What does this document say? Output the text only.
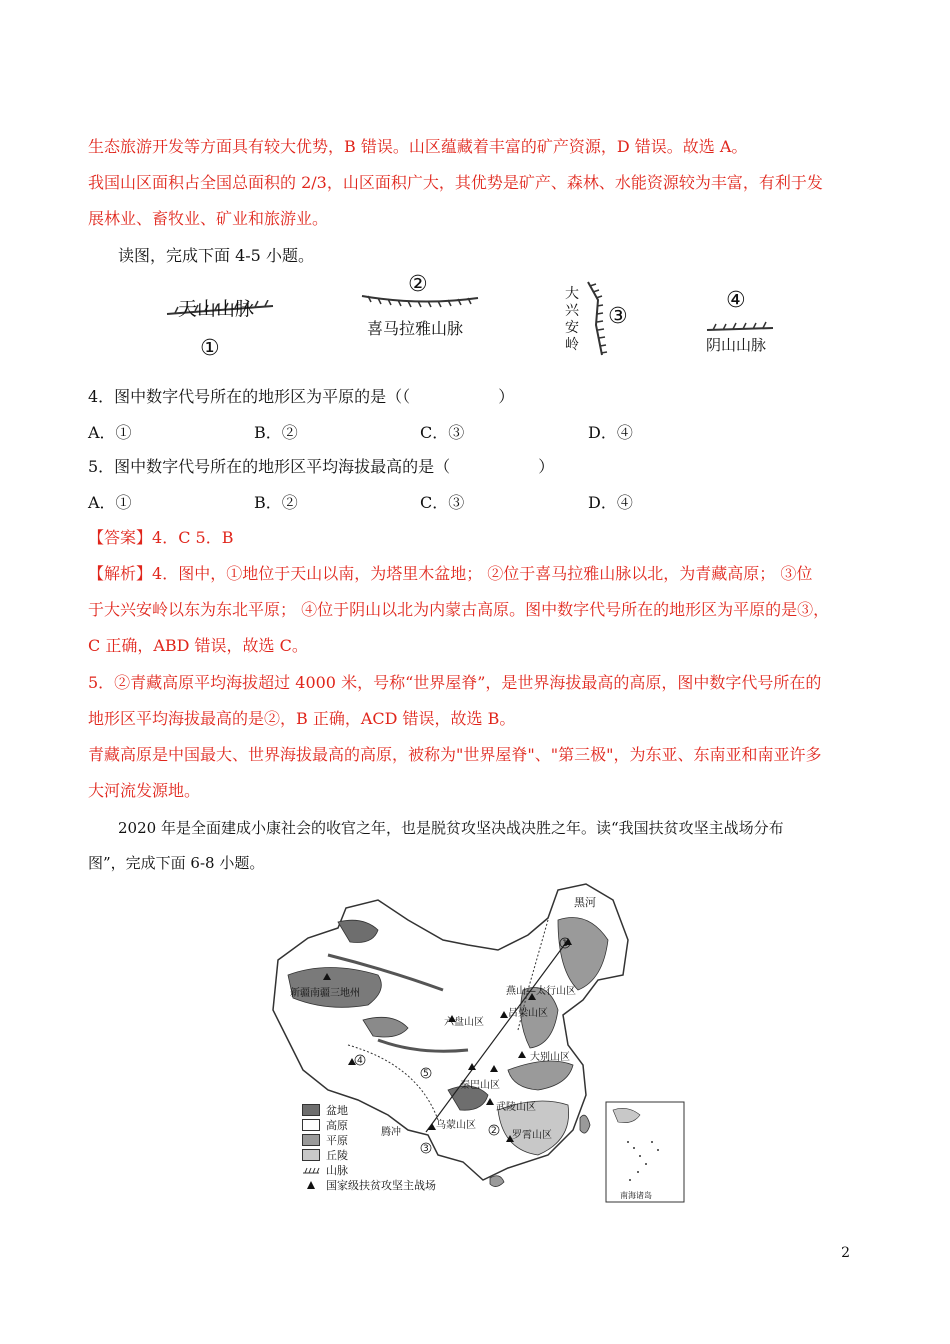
生态旅游开发等方面具有较大优势，B 错误。山区蕴藏着丰富的矿产资源，D 错误。故选 A。
我国山区面积占全国总面积的 2/3，山区面积广大，其优势是矿产、森林、水能资源较为丰富，有利于发
展林业、畜牧业、矿业和旅游业。
读图，完成下面 4-5 小题。
天山山脉
①
②
喜马拉雅山脉
大
兴
安
岭
③
④
阴山山脉
4．图中数字代号所在的地形区为平原的是（（	）
A．①	B．②	C．③	D．④
5．图中数字代号所在的地形区平均海拔最高的是（	）
A．①	B．②	C．③	D．④
【答案】4．C 5．B
【解析】4．图中，①地位于天山以南，为塔里木盆地； ②位于喜马拉雅山脉以北，为青藏高原； ③位
于大兴安岭以东为东北平原； ④位于阴山以北为内蒙古高原。图中数字代号所在的地形区为平原的是③，
C 正确，ABD 错误，故选 C。
5．②青藏高原平均海拔超过 4000 米，号称“世界屋脊”，是世界海拔最高的高原，图中数字代号所在的
地形区平均海拔最高的是②，B 正确，ACD 错误，故选 B。
青藏高原是中国最大、世界海拔最高的高原，被称为"世界屋脊"、"第三极"，为东亚、东南亚和南亚许多
大河流发源地。
2020 年是全面建成小康社会的收官之年，也是脱贫攻坚决战决胜之年。读“我国扶贫攻坚主战场分布
图”，完成下面 6-8 小题。
1
2
3
4
5
黑河
新疆南疆三地州	燕山—太行山区
六盘山区
吕梁山区
大别山区
秦巴山区
武陵山区
腾冲
乌蒙山区
罗霄山区
南海诸岛
盆地
高原
平原
丘陵
山脉
国家级扶贫攻坚主战场
2
